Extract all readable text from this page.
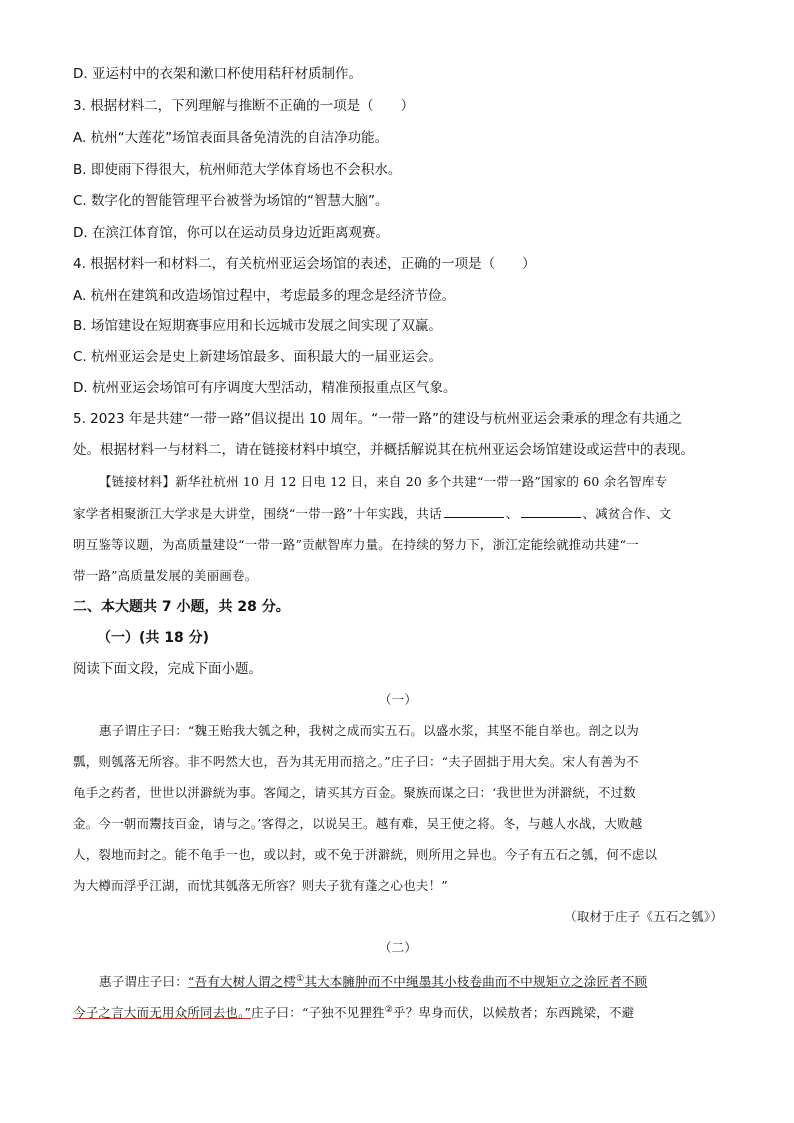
D. 亚运村中的衣架和漱口杯使用秸秆材质制作。
3. 根据材料二，下列理解与推断不正确的一项是（　　）
A. 杭州“大莲花”场馆表面具备免清洗的自洁净功能。
B. 即使雨下得很大，杭州师范大学体育场也不会积水。
C. 数字化的智能管理平台被誉为场馆的“智慧大脑”。
D. 在滨江体育馆，你可以在运动员身边近距离观赛。
4. 根据材料一和材料二，有关杭州亚运会场馆的表述，正确的一项是（　　）
A. 杭州在建筑和改造场馆过程中，考虑最多的理念是经济节俭。
B. 场馆建设在短期赛事应用和长远城市发展之间实现了双赢。
C. 杭州亚运会是史上新建场馆最多、面积最大的一届亚运会。
D. 杭州亚运会场馆可有序调度大型活动，精准预报重点区气象。
5. 2023 年是共建“一带一路”倡议提出 10 周年。“一带一路”的建设与杭州亚运会秉承的理念有共通之
处。根据材料一与材料二，请在链接材料中填空，并概括解说其在杭州亚运会场馆建设或运营中的表现。
【链接材料】新华社杭州 10 月 12 日电 12 日，来自 20 多个共建“一带一路”国家的 60 余名智库专
家学者相聚浙江大学求是大讲堂，围绕“一带一路”十年实践，共话	、	、减贫合作、文
明互鉴等议题，为高质量建设“一带一路”贡献智库力量。在持续的努力下，浙江定能绘就推动共建“一
带一路”高质量发展的美丽画卷。
二、本大题共 7 小题，共 28 分。
（一）(共 18 分)
阅读下面文段，完成下面小题。
（一）
惠子谓庄子曰：“魏王贻我大瓠之种，我树之成而实五石。以盛水浆，其坚不能自举也。剖之以为
瓢，则瓠落无所容。非不呺然大也，吾为其无用而掊之。”庄子曰：“夫子固拙于用大矣。宋人有善为不
龟手之药者，世世以洴澼絖为事。客闻之，请买其方百金。聚族而谋之曰：‘我世世为洴澼絖，不过数
金。今一朝而鬻技百金，请与之。’客得之，以说吴王。越有难，吴王使之将。冬，与越人水战，大败越
人，裂地而封之。能不龟手一也，或以封，或不免于洴澼絖，则所用之异也。今子有五石之瓠，何不虑以
为大樽而浮乎江湖，而忧其瓠落无所容？则夫子犹有蓬之心也夫！”
（取材于庄子《五石之瓠》）
（二）
惠子谓庄子曰：“吾有大树人谓之樗①其大本臃肿而不中绳墨其小枝卷曲而不中规矩立之涂匠者不顾
今子之言大而无用众所同去也。”庄子曰：“子独不见狸狌②乎？卑身而伏，以候敖者；东西跳梁，不避
